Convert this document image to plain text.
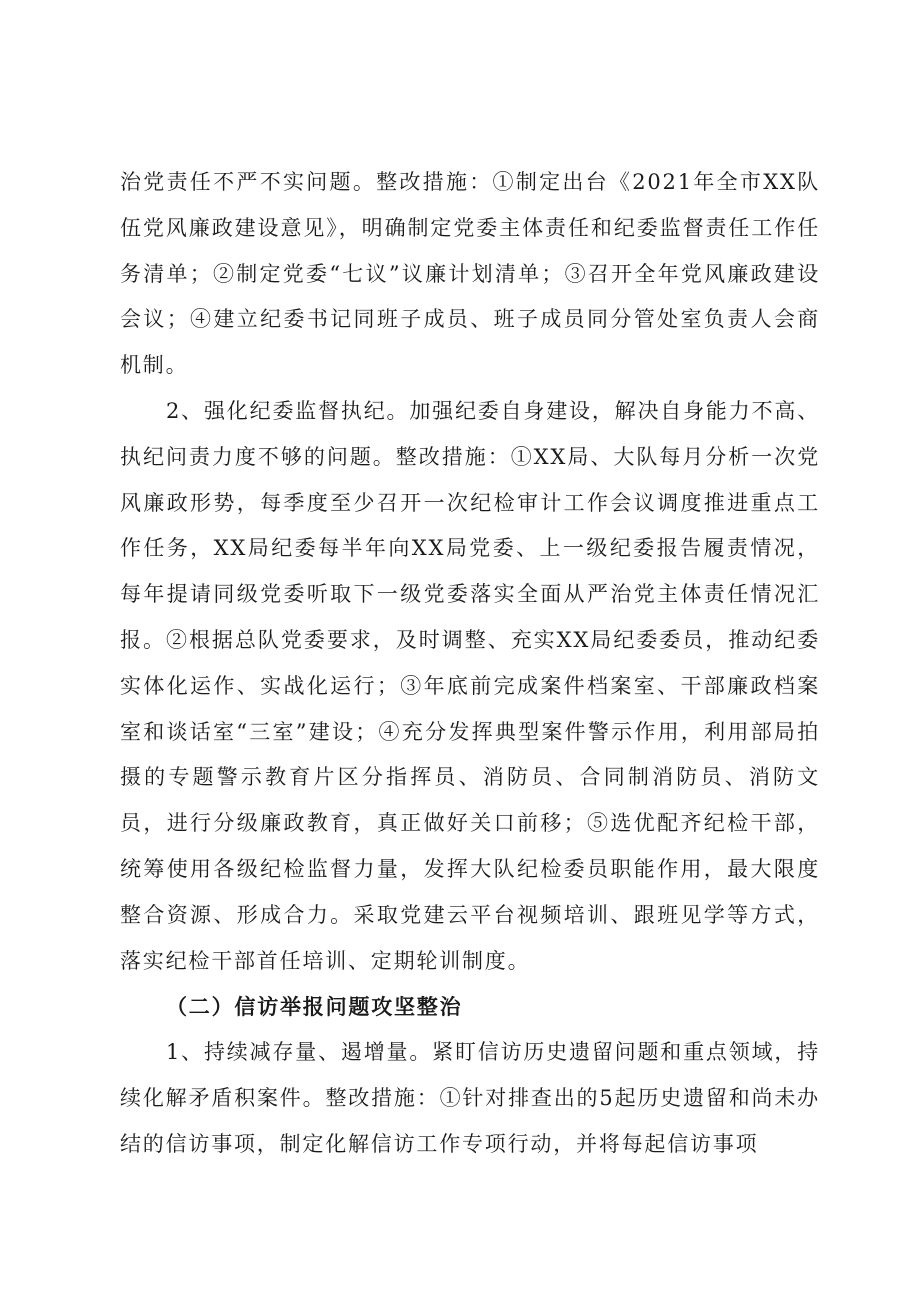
治党责任不严不实问题。整改措施：①制定出台《2021年全市XX队伍党风廉政建设意见》，明确制定党委主体责任和纪委监督责任工作任务清单；②制定党委“七议”议廉计划清单；③召开全年党风廉政建设会议；④建立纪委书记同班子成员、班子成员同分管处室负责人会商机制。

2、强化纪委监督执纪。加强纪委自身建设，解决自身能力不高、执纪问责力度不够的问题。整改措施：①XX局、大队每月分析一次党风廉政形势，每季度至少召开一次纪检审计工作会议调度推进重点工作任务，XX局纪委每半年向XX局党委、上一级纪委报告履责情况，每年提请同级党委听取下一级党委落实全面从严治党主体责任情况汇报。②根据总队党委要求，及时调整、充实XX局纪委委员，推动纪委实体化运作、实战化运行；③年底前完成案件档案室、干部廉政档案室和谈话室“三室”建设；④充分发挥典型案件警示作用，利用部局拍摄的专题警示教育片区分指挥员、消防员、合同制消防员、消防文员，进行分级廉政教育，真正做好关口前移；⑤选优配齐纪检干部，统筹使用各级纪检监督力量，发挥大队纪检委员职能作用，最大限度整合资源、形成合力。采取党建云平台视频培训、跟班见学等方式，落实纪检干部首任培训、定期轮训制度。

（二）信访举报问题攻坚整治

1、持续减存量、遏增量。紧盯信访历史遗留问题和重点领域，持续化解矛盾积案件。整改措施：①针对排查出的5起历史遗留和尚未办结的信访事项，制定化解信访工作专项行动，并将每起信访事项
